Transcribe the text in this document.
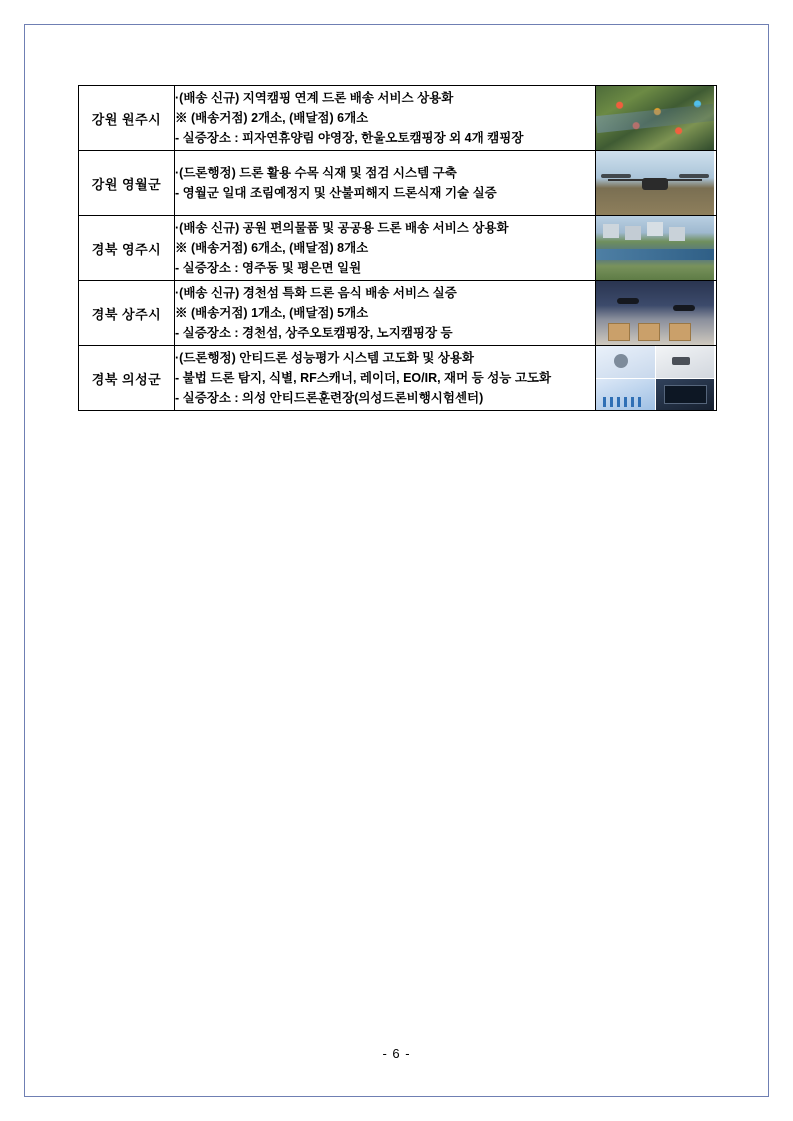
강원 원주시	·(배송 신규) 지역캠핑 연계 드론 배송 서비스 상용화
※ (배송거점) 2개소, (배달점) 6개소
- 실증장소 : 피자연휴양림 야영장, 한울오토캠핑장 외 4개 캠핑장	

강원 영월군	·(드론행정) 드론 활용 수목 식재 및 점검 시스템 구축
- 영월군 일대 조림예정지 및 산불피해지 드론식재 기술 실증	

경북 영주시	·(배송 신규) 공원 편의물품 및 공공용 드론 배송 서비스 상용화
※ (배송거점) 6개소, (배달점) 8개소
- 실증장소 : 영주동 및 평은면 일원	

경북 상주시	·(배송 신규) 경천섬 특화 드론 음식 배송 서비스 실증
※ (배송거점) 1개소, (배달점) 5개소
- 실증장소 : 경천섬, 상주오토캠핑장, 노지캠핑장 등	

경북 의성군	·(드론행정) 안티드론 성능평가 시스템 고도화 및 상용화
- 불법 드론 탐지, 식별, RF스캐너, 레이더, EO/IR, 재머 등 성능 고도화
- 실증장소 : 의성 안티드론훈련장(의성드론비행시험센터)	

- 6 -
